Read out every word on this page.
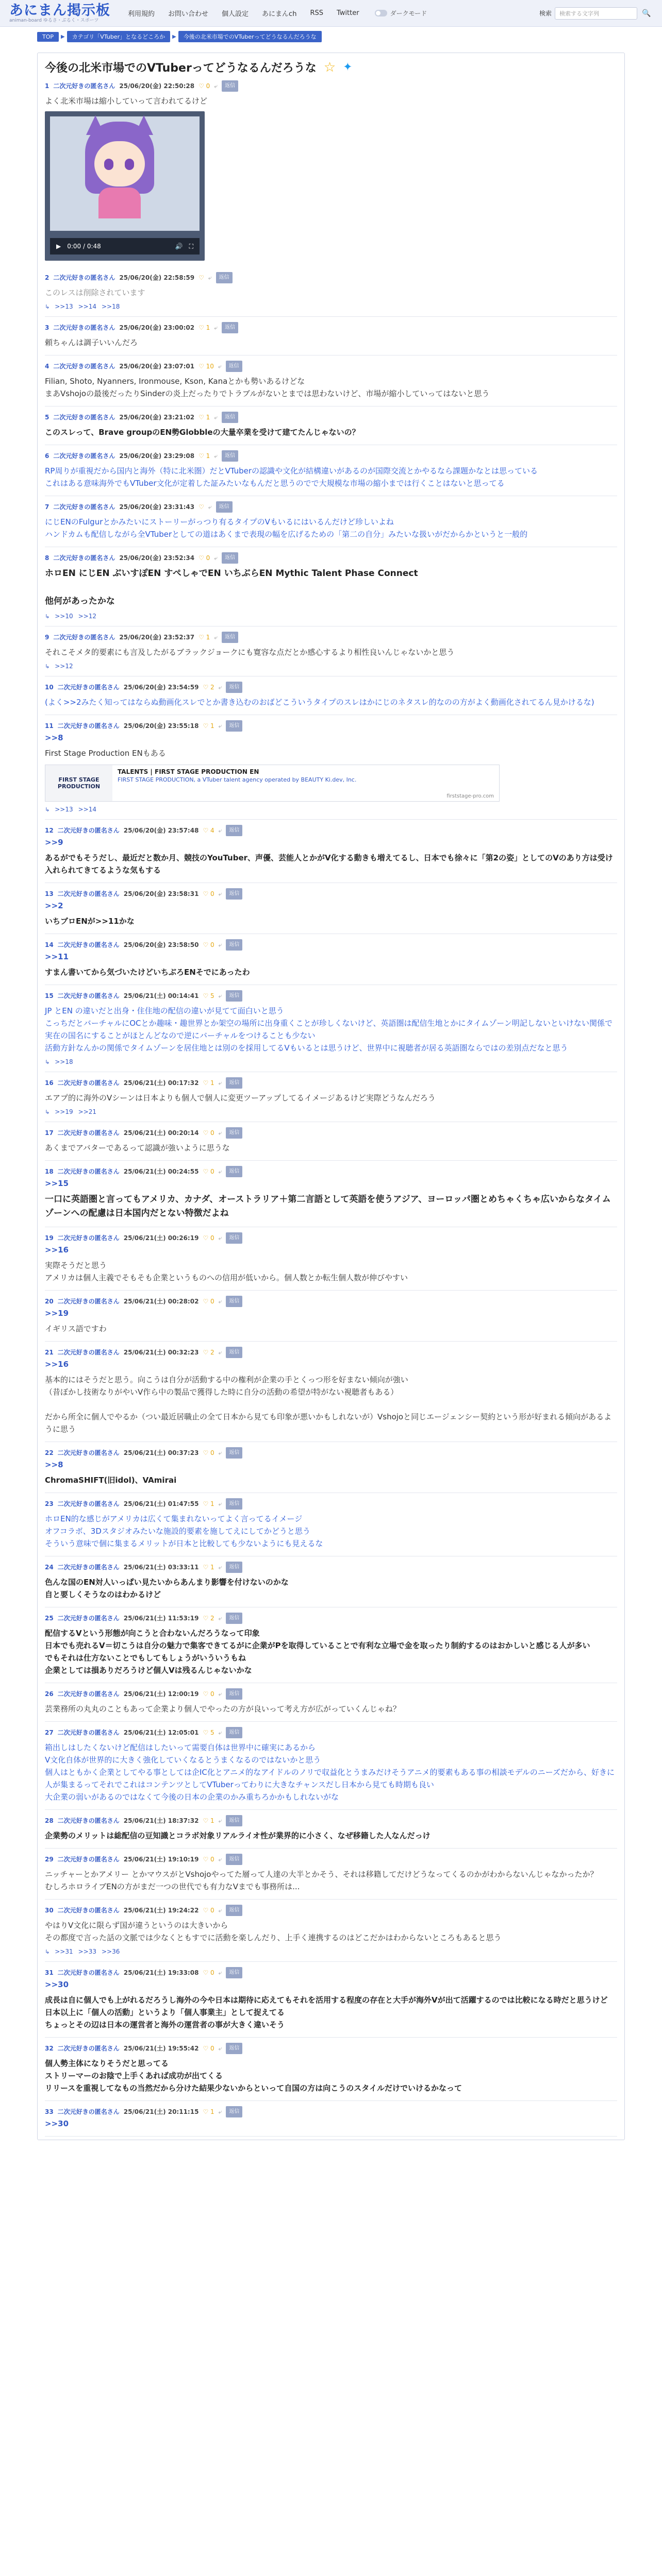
あにまん掲示板
animan-board ゆるさ・ぶるく・スポーツ
利用規約 お問い合わせ 個人設定 あにまんch RSS Twitter	ダークモード	検索	検索する文字列	🔍
TOP	▶	カテゴリ「VTuber」となるどころか	▶	今後の北米市場でのVTuberってどうなるんだろうな
今後の北米市場でのVTuberってどうなるんだろうな ☆ ✦
1 二次元好きの匿名さん 25/06/20(金) 22:50:28 ♡ 0 ⤶	返信
よく北米市場は縮小していって言われてるけど
▶ 0:00 / 0:48	🔊 ⛶
2 二次元好きの匿名さん 25/06/20(金) 22:58:59 ♡ ⤶	返信
このレスは削除されています
↳ >>13 >>14 >>18
3 二次元好きの匿名さん 25/06/20(金) 23:00:02 ♡ 1 ⤶	返信
頼ちゃんは調子いいんだろ
4 二次元好きの匿名さん 25/06/20(金) 23:07:01 ♡ 10 ⤶	返信
Filian, Shoto, Nyanners, Ironmouse, Kson, Kanaとかも勢いあるけどな
まあVshojoの最後だったりSinderの炎上だったりでトラブルがないとまでは思わないけど、市場が縮小していってはないと思う
5 二次元好きの匿名さん 25/06/20(金) 23:21:02 ♡ 1 ⤶	返信
このスレって、Brave groupのEN勢Globbleの大量卒業を受けて建てたんじゃないの？
6 二次元好きの匿名さん 25/06/20(金) 23:29:08 ♡ 1 ⤶	返信
RP周りが重視だから国内と海外（特に北米圏）だとVTuberの認識や文化が結構違いがあるのが国際交流とかやるなら課題かなとは思っている
これはある意味海外でもVTuber文化が定着した証みたいなもんだと思うのでで大規模な市場の縮小までは行くことはないと思ってる
7 二次元好きの匿名さん 25/06/20(金) 23:31:43 ♡ ⤶	返信
にじENのFulgurとかみたいにストーリーがっつり有るタイプのVもいるにはいるんだけど珍しいよね
ハンドカムも配信しながら全VTuberとしての道はあくまで表現の幅を広げるための「第二の自分」みたいな扱いがだからかというと一般的
8 二次元好きの匿名さん 25/06/20(金) 23:52:34 ♡ 0 ⤶	返信
ホロEN にじEN ぶいすぽEN すぺしゃでEN いちぶらEN Mythic Talent Phase Connect

他何があったかな
↳ >>10 >>12
9 二次元好きの匿名さん 25/06/20(金) 23:52:37 ♡ 1 ⤶	返信
それこそメタ的要素にも言及したがるブラックジョークにも寛容な点だとか感心するより相性良いんじゃないかと思う
↳ >>12
10 二次元好きの匿名さん 25/06/20(金) 23:54:59 ♡ 2 ⤶	返信
(よく>>2みたく知ってはならぬ動画化スレでとか書き込むのおばどこういうタイプのスレはかにじのネタスレ的なのの方がよく動画化されてるん見かけるな)
11 二次元好きの匿名さん 25/06/20(金) 23:55:18 ♡ 1 ⤶	返信
>>8
First Stage Production ENもある
FIRST STAGE PRODUCTION
TALENTS | FIRST STAGE PRODUCTION EN
FIRST STAGE PRODUCTION, a VTuber talent agency operated by BEAUTY Ki.dev, Inc.
firststage-pro.com
↳ >>13 >>14
12 二次元好きの匿名さん 25/06/20(金) 23:57:48 ♡ 4 ⤶	返信
>>9
あるがでもそうだし、最近だと数か月、競技のYouTuber、声優、芸能人とかがV化する動きも増えてるし、日本でも徐々に「第2の姿」としてのVのあり方は受け入れられてきてるような気もする
13 二次元好きの匿名さん 25/06/20(金) 23:58:31 ♡ 0 ⤶	返信
>>2
いちブロENが>>11かな
14 二次元好きの匿名さん 25/06/20(金) 23:58:50 ♡ 0 ⤶	返信
>>11
すまん書いてから気づいたけどいちぶろENそでにあったわ
15 二次元好きの匿名さん 25/06/21(土) 00:14:41 ♡ 5 ⤶	返信
JP とEN の違いだと出身・住住地の配信の違いが見てて面白いと思う
こっちだとバーチャルにOCとか趣味・趣世界とか架空の場所に出身重くことが珍しくないけど、英語圏は配信生地とかにタイムゾーン明記しないといけない関係で実在の国名にすることがほとんどなので逆にバーチャルをつけることも少ない
活動方針なんかの関係でタイムゾーンを居住地とは別のを採用してるVもいるとは思うけど、世界中に視聴者が居る英語圏ならではの差別点だなと思う
↳ >>18
16 二次元好きの匿名さん 25/06/21(土) 00:17:32 ♡ 1 ⤶	返信
エアプ的に海外のVシーンは日本よりも個人で個人に変更ツーアップしてるイメージあるけど実際どうなんだろう
↳ >>19 >>21
17 二次元好きの匿名さん 25/06/21(土) 00:20:14 ♡ 0 ⤶	返信
あくまでアバターであるって認識が強いように思うな
18 二次元好きの匿名さん 25/06/21(土) 00:24:55 ♡ 0 ⤶	返信
>>15
一口に英語圏と言ってもアメリカ、カナダ、オーストラリア＋第二言語として英語を使うアジア、ヨーロッパ圏とめちゃくちゃ広いからなタイムゾーンへの配慮は日本国内だとない特徴だよね
19 二次元好きの匿名さん 25/06/21(土) 00:26:19 ♡ 0 ⤶	返信
>>16
実際そうだと思う
アメリカは個人主義でそもそも企業というものへの信用が低いから。個人数とか転生個人数が伸びやすい
20 二次元好きの匿名さん 25/06/21(土) 00:28:02 ♡ 0 ⤶	返信
>>19
イギリス語ですわ
21 二次元好きの匿名さん 25/06/21(土) 00:32:23 ♡ 2 ⤶	返信
>>16
基本的にはそうだと思う。向こうは自分が活動する中の権利が企業の手とくっつ形を好まない傾向が強い
（昔ぼかし技術なりがやいV作ら中の製品で獲得した時に自分の活動の希望が特がない視聴者もある）

だから所全に個人でやるか（つい最近居職止の全て日本から見ても印象が悪いかもしれないが）Vshojoと同じエージェンシー契約という形が好まれる傾向があるように思う
22 二次元好きの匿名さん 25/06/21(土) 00:37:23 ♡ 0 ⤶	返信
>>8
ChromaSHIFT(旧idol)、VAmirai
23 二次元好きの匿名さん 25/06/21(土) 01:47:55 ♡ 1 ⤶	返信
ホロEN的な感じがアメリカは広くて集まれないってよく言ってるイメージ
オフコラボ、3Dスタジオみたいな施設的要素を施してえにしてかどうと思う
そういう意味で個に集まるメリットが日本と比較しても少ないようにも見えるな
24 二次元好きの匿名さん 25/06/21(土) 03:33:11 ♡ 1 ⤶	返信
色んな国のEN対人いっぱい見たいからあんまり影響を付けないのかな
自と要しくそうなのはわかるけど
25 二次元好きの匿名さん 25/06/21(土) 11:53:19 ♡ 2 ⤶	返信
配信するVという形態が向こうと合わないんだろうなって印象
日本でも売れるV＝切こうは自分の魅力で集客できてるがに企業がPを取得していることで有利な立場で金を取ったり制約するのはおかしいと感じる人が多い
でもそれは仕方ないことでもしてもしょうがいういうもね
企業としては損ありだろうけど個人Vは残るんじゃないかな
26 二次元好きの匿名さん 25/06/21(土) 12:00:19 ♡ 0 ⤶	返信
芸業務所の丸丸のこともあって企業より個人でやったの方が良いって考え方が広がっていくんじゃね？
27 二次元好きの匿名さん 25/06/21(土) 12:05:01 ♡ 5 ⤶	返信
箱出しはしたくないけど配信はしたいって需要自体は世界中に確実にあるから
V文化自体が世界的に大きく強化していくなるとうまくなるのではないかと思う
個人はともかく企業としてやる事としては企IC化とアニメ的なアイドルのノリで収益化とうまみだけそうアニメ的要素もある事の相談モデルのニーズだから、好きに人が集まるってそれでこれはコンテンツとしてVTuberってわりに大きなチャンスだし日本から見ても時期も良い
大企業の弱いがあるのではなくて今後の日本の企業のかみ重ちろかかもしれないがな
28 二次元好きの匿名さん 25/06/21(土) 18:37:32 ♡ 1 ⤶	返信
企業勢のメリットは総配信の豆知識とコラボ対象リアルライオ性が業界的に小さく、なぜ移籍した人なんだっけ
29 二次元好きの匿名さん 25/06/21(土) 19:10:19 ♡ 0 ⤶	返信
ニッチャーとかアメリー とかマウスがとVshojoやってた層って人達の大半とかそう、それは移籍してだけどうなってくるのかがわからないんじゃなかったか？
むしろホロライブENの方がまだ一つの世代でも有力なVまでも事務所は...
30 二次元好きの匿名さん 25/06/21(土) 19:24:22 ♡ 0 ⤶	返信
やはりV文化に限らず国が違うというのは大きいから
その都度で言った話の文脈では少なくともすでに活動を楽しんだり、上手く連携するのはどこだかはわからないところもあると思う
↳ >>31 >>33 >>36
31 二次元好きの匿名さん 25/06/21(土) 19:33:08 ♡ 0 ⤶	返信
>>30
成長は自に個人でも上がれるだろうし海外の今や日本は期待に応えてもそれを活用する程度の存在と大手が海外Vが出て活躍するのでは比較になる時だと思うけど
日本以上に「個人の活動」というより「個人事業主」として捉えてる
ちょっとその辺は日本の運営者と海外の運営者の事が大きく違いそう
32 二次元好きの匿名さん 25/06/21(土) 19:55:42 ♡ 0 ⤶	返信
個人勢主体になりそうだと思ってる
ストリーマーのお陰で上手くあれば成功が出てくる
リリースを重視してなもの当然だから分けた結果少ないからといって自国の方は向こうのスタイルだけでいけるかなって
33 二次元好きの匿名さん 25/06/21(土) 20:11:15 ♡ 1 ⤶	返信
>>30
